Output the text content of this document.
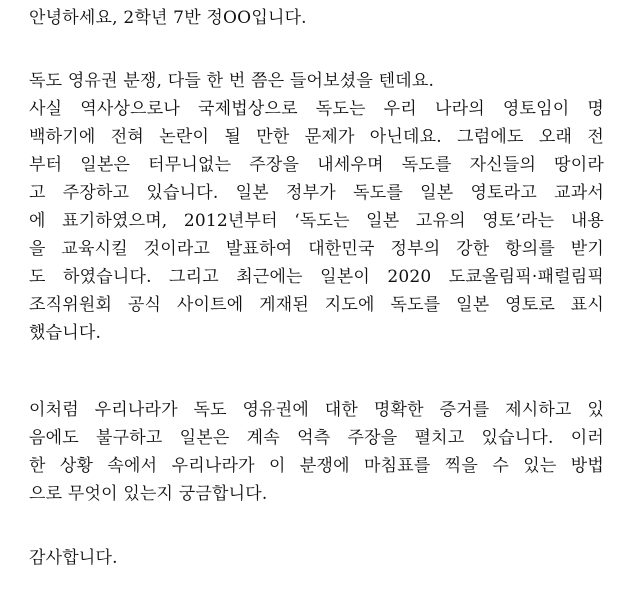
안녕하세요, 2학년 7반 정OO입니다.
독도 영유권 분쟁, 다들 한 번 쯤은 들어보셨을 텐데요.
사실 역사상으로나 국제법상으로 독도는 우리 나라의 영토임이 명
백하기에 전혀 논란이 될 만한 문제가 아닌데요. 그럼에도 오래 전
부터 일본은 터무니없는 주장을 내세우며 독도를 자신들의 땅이라
고 주장하고 있습니다. 일본 정부가 독도를 일본 영토라고 교과서
에 표기하였으며, 2012년부터 ‘독도는 일본 고유의 영토’라는 내용
을 교육시킬 것이라고 발표하여 대한민국 정부의 강한 항의를 받기
도 하였습니다. 그리고 최근에는 일본이 2020 도쿄올림픽·패럴림픽
조직위원회 공식 사이트에 게재된 지도에 독도를 일본 영토로 표시
했습니다.
이처럼 우리나라가 독도 영유권에 대한 명확한 증거를 제시하고 있
음에도 불구하고 일본은 계속 억측 주장을 펼치고 있습니다. 이러
한 상황 속에서 우리나라가 이 분쟁에 마침표를 찍을 수 있는 방법
으로 무엇이 있는지 궁금합니다.
감사합니다.
